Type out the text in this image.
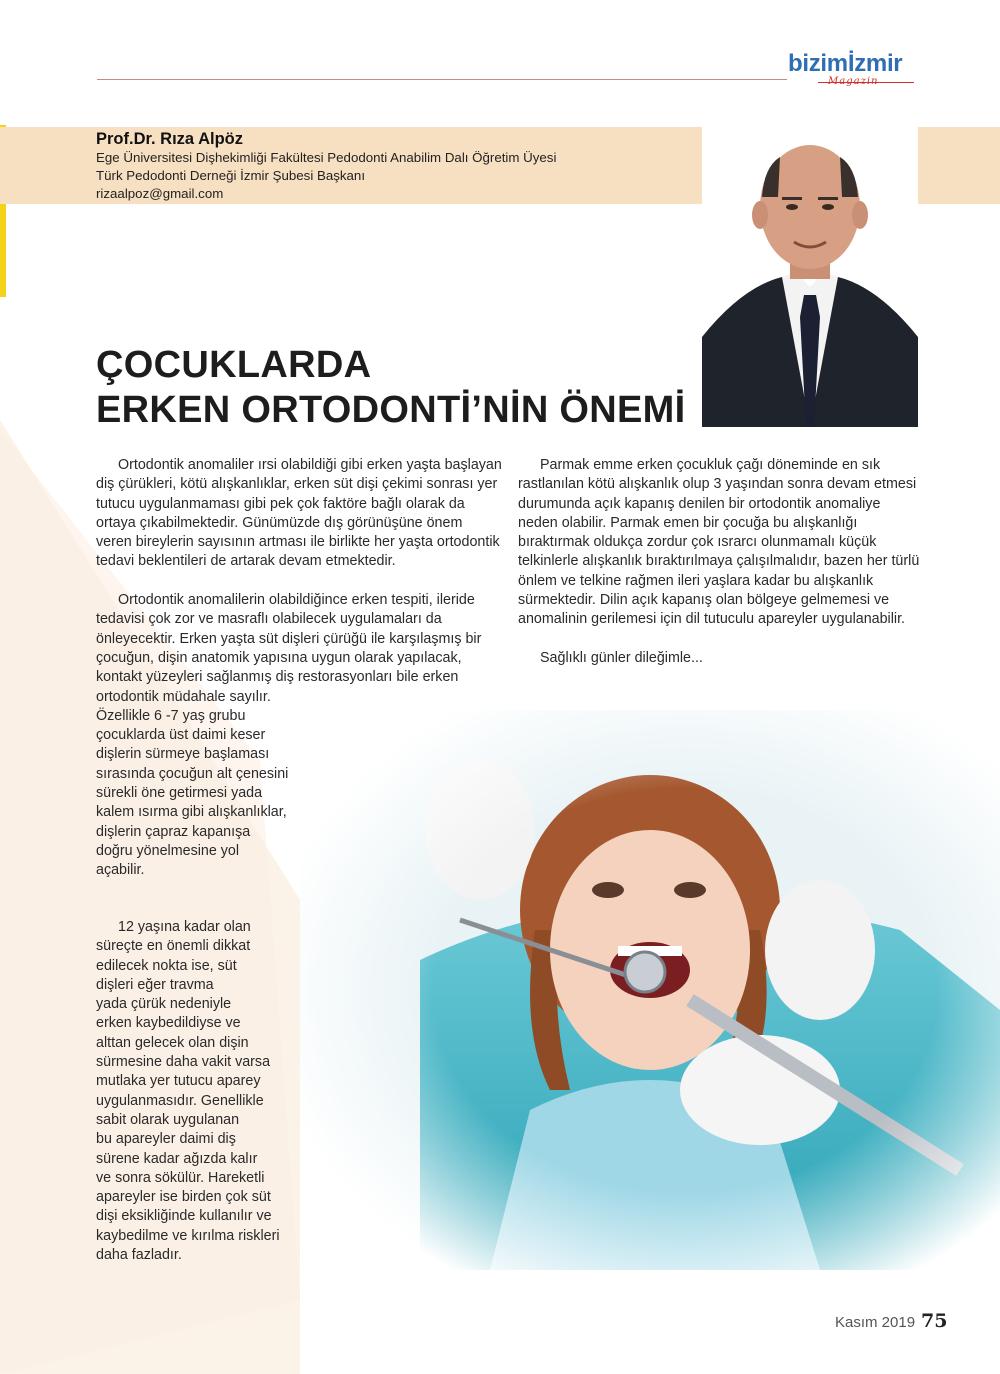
bizimİzmir
Magazin
Prof.Dr. Rıza Alpöz
Ege Üniversitesi Dişhekimliği Fakültesi Pedodonti Anabilim Dalı Öğretim Üyesi
Türk Pedodonti Derneği İzmir Şubesi Başkanı
rizaalpoz@gmail.com
ÇOCUKLARDA
ERKEN ORTODONTİ’NİN ÖNEMİ

Ortodontik anomaliler ırsi olabildiği gibi erken yaşta başlayan diş çürükleri, kötü alışkanlıklar, erken süt dişi çekimi sonrası yer tutucu uygulanmaması gibi pek çok faktöre bağlı olarak da ortaya çıkabilmektedir. Günümüzde dış görünüşüne önem veren bireylerin sayısının artması ile birlikte her yaşta ortodontik tedavi beklentileri de artarak devam etmektedir.

Ortodontik anomalilerin olabildiğince erken tespiti, ileride tedavisi çok zor ve masraflı olabilecek uygulamaları da önleyecektir. Erken yaşta süt dişleri çürüğü ile karşılaşmış bir çocuğun, dişin anatomik yapısına uygun olarak yapılacak, kontakt yüzeyleri sağlanmış diş restorasyonları bile erken ortodontik müdahale sayılır.

Özellikle 6 -7 yaş grubu
çocuklarda üst daimi keser
dişlerin sürmeye başlaması
sırasında çocuğun alt çenesini
sürekli öne getirmesi yada
kalem ısırma gibi alışkanlıklar,
dişlerin çapraz kapanışa
doğru yönelmesine yol
açabilir.
12 yaşına kadar olan
süreçte en önemli dikkat
edilecek nokta ise, süt
dişleri eğer travma
yada çürük nedeniyle
erken kaybedildiyse ve
alttan gelecek olan dişin
sürmesine daha vakit varsa
mutlaka yer tutucu aparey
uygulanmasıdır. Genellikle
sabit olarak uygulanan
bu apareyler daimi diş
sürene kadar ağızda kalır
ve sonra sökülür. Hareketli
apareyler ise birden çok süt
dişi eksikliğinde kullanılır ve
kaybedilme ve kırılma riskleri
daha fazladır.

Parmak emme erken çocukluk çağı döneminde en sık rastlanılan kötü alışkanlık olup 3 yaşından sonra devam etmesi durumunda açık kapanış denilen bir ortodontik anomaliye neden olabilir. Parmak emen bir çocuğa bu alışkanlığı bıraktırmak oldukça zordur çok ısrarcı olunmamalı küçük telkinlerle alışkanlık bıraktırılmaya çalışılmalıdır, bazen her türlü önlem ve telkine rağmen ileri yaşlara kadar bu alışkanlık sürmektedir. Dilin açık kapanış olan bölgeye gelmemesi ve anomalinin gerilemesi için dil tutuculu apareyler uygulanabilir.

Sağlıklı günler dileğimle...

Kasım 2019 75
